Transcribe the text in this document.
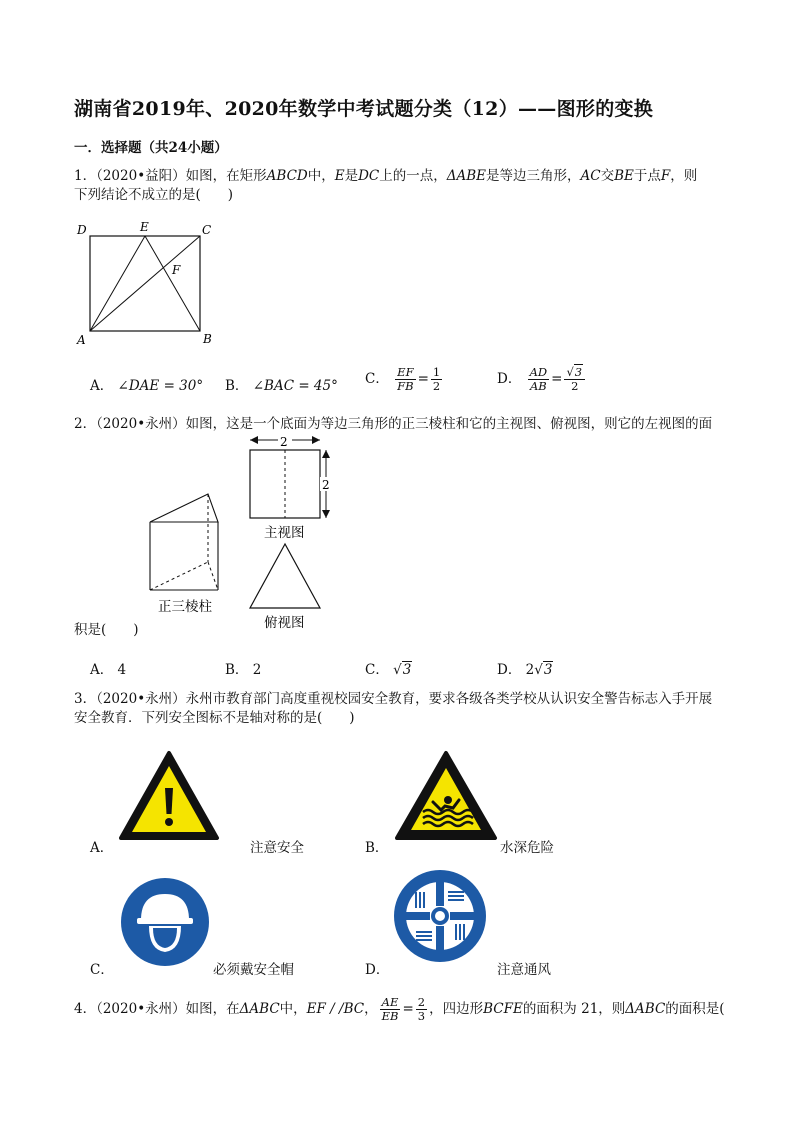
湖南省2019年、2020年数学中考试题分类（12）——图形的变换
一．选择题（共24小题）
1．（2020•益阳）如图，在矩形ABCD中，E是DC上的一点，ΔABE是等边三角形，AC交BE于点F，则
下列结论不成立的是(　　)
D	E	C
F
A	B
A． ∠DAE = 30° B． ∠BAC = 45° C． $\frac{EF}{FB} = \frac{1}{2}$	D． $\frac{AD}{AB} = \frac{√3}{2}$
2．（2020•永州）如图，这是一个底面为等边三角形的正三棱柱和它的主视图、俯视图，则它的左视图的面
2
2
主视图
正三棱柱
俯视图
积是(　　)
A． 4	B． 2	C． √3	D． 2√3
3．（2020•永州）永州市教育部门高度重视校园安全教育，要求各级各类学校从认识安全警告标志入手开展
安全教育．下列安全图标不是轴对称的是(　　)
A．	注意安全	B．	水深危险
C．	必须戴安全帽	D．	注意通风
4．（2020•永州）如图，在ΔABC中，EF / /BC， $\frac{AE}{EB} = \frac{2}{3}$ ，四边形BCFE的面积为 21，则ΔABC的面积是(
